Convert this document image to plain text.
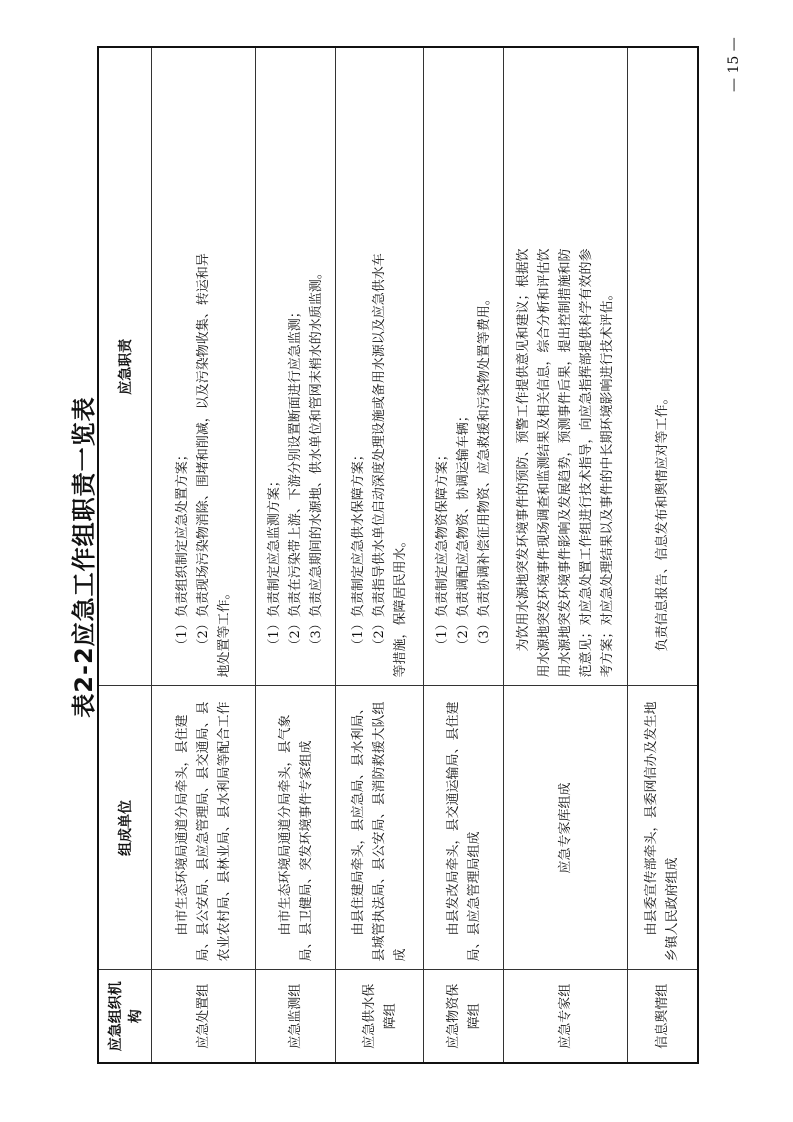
表2-2应急工作组职责一览表
应急组织机构	组成单位	应急职责
应急处置组	由市生态环境局通道分局牵头，县住建局、县公安局、县应急管理局、县交通局、县农业农村局、县林业局、县水利局等配合工作	（1）负责组织制定应急处置方案； （2）负责现场污染物消除、围堵和削减，以及污染物收集、转运和异 地处置等工作。

应急监测组	由市生态环境局通道分局牵头，县气象局、县卫健局、突发环境事件专家组成	（1）负责制定应急监测方案； （2）负责在污染带上游、下游分别设置断面进行应急监测； （3）负责应急期间的水源地、供水单位和管网末梢水的水质监测。

应急供水保障组	由县住建局牵头，县应急局、县水利局、县城管执法局、县公安局、县消防救援大队组成	（1）负责制定应急供水保障方案； （2）负责指导供水单位启动深度处理设施或备用水源以及应急供水车 等措施，保障居民用水。

应急物资保障组	由县发改局牵头，县交通运输局、县住建局、县应急管理局组成	（1）负责制定应急物资保障方案； （2）负责调配应急物资、协调运输车辆； （3）负责协调补偿征用物资、应急救援和污染物处置等费用。

应急专家组	应急专家库组成	为饮用水源地突发环境事件的预防、预警工作提供意见和建议；根据饮 用水源地突发环境事件现场调查和监测结果及相关信息，综合分析和评估饮 用水源地突发环境事件影响及发展趋势，预测事件后果，提出控制措施和防 范意见；对应急处置工作组进行技术指导，向应急指挥部提供科学有效的参 考方案；对应急处理结果以及事件的中长期环境影响进行技术评估。

信息舆情组	由县委宣传部牵头，县委网信办及发生地乡镇人民政府组成	负责信息报告、信息发布和舆情应对等工作。
— 15 —
